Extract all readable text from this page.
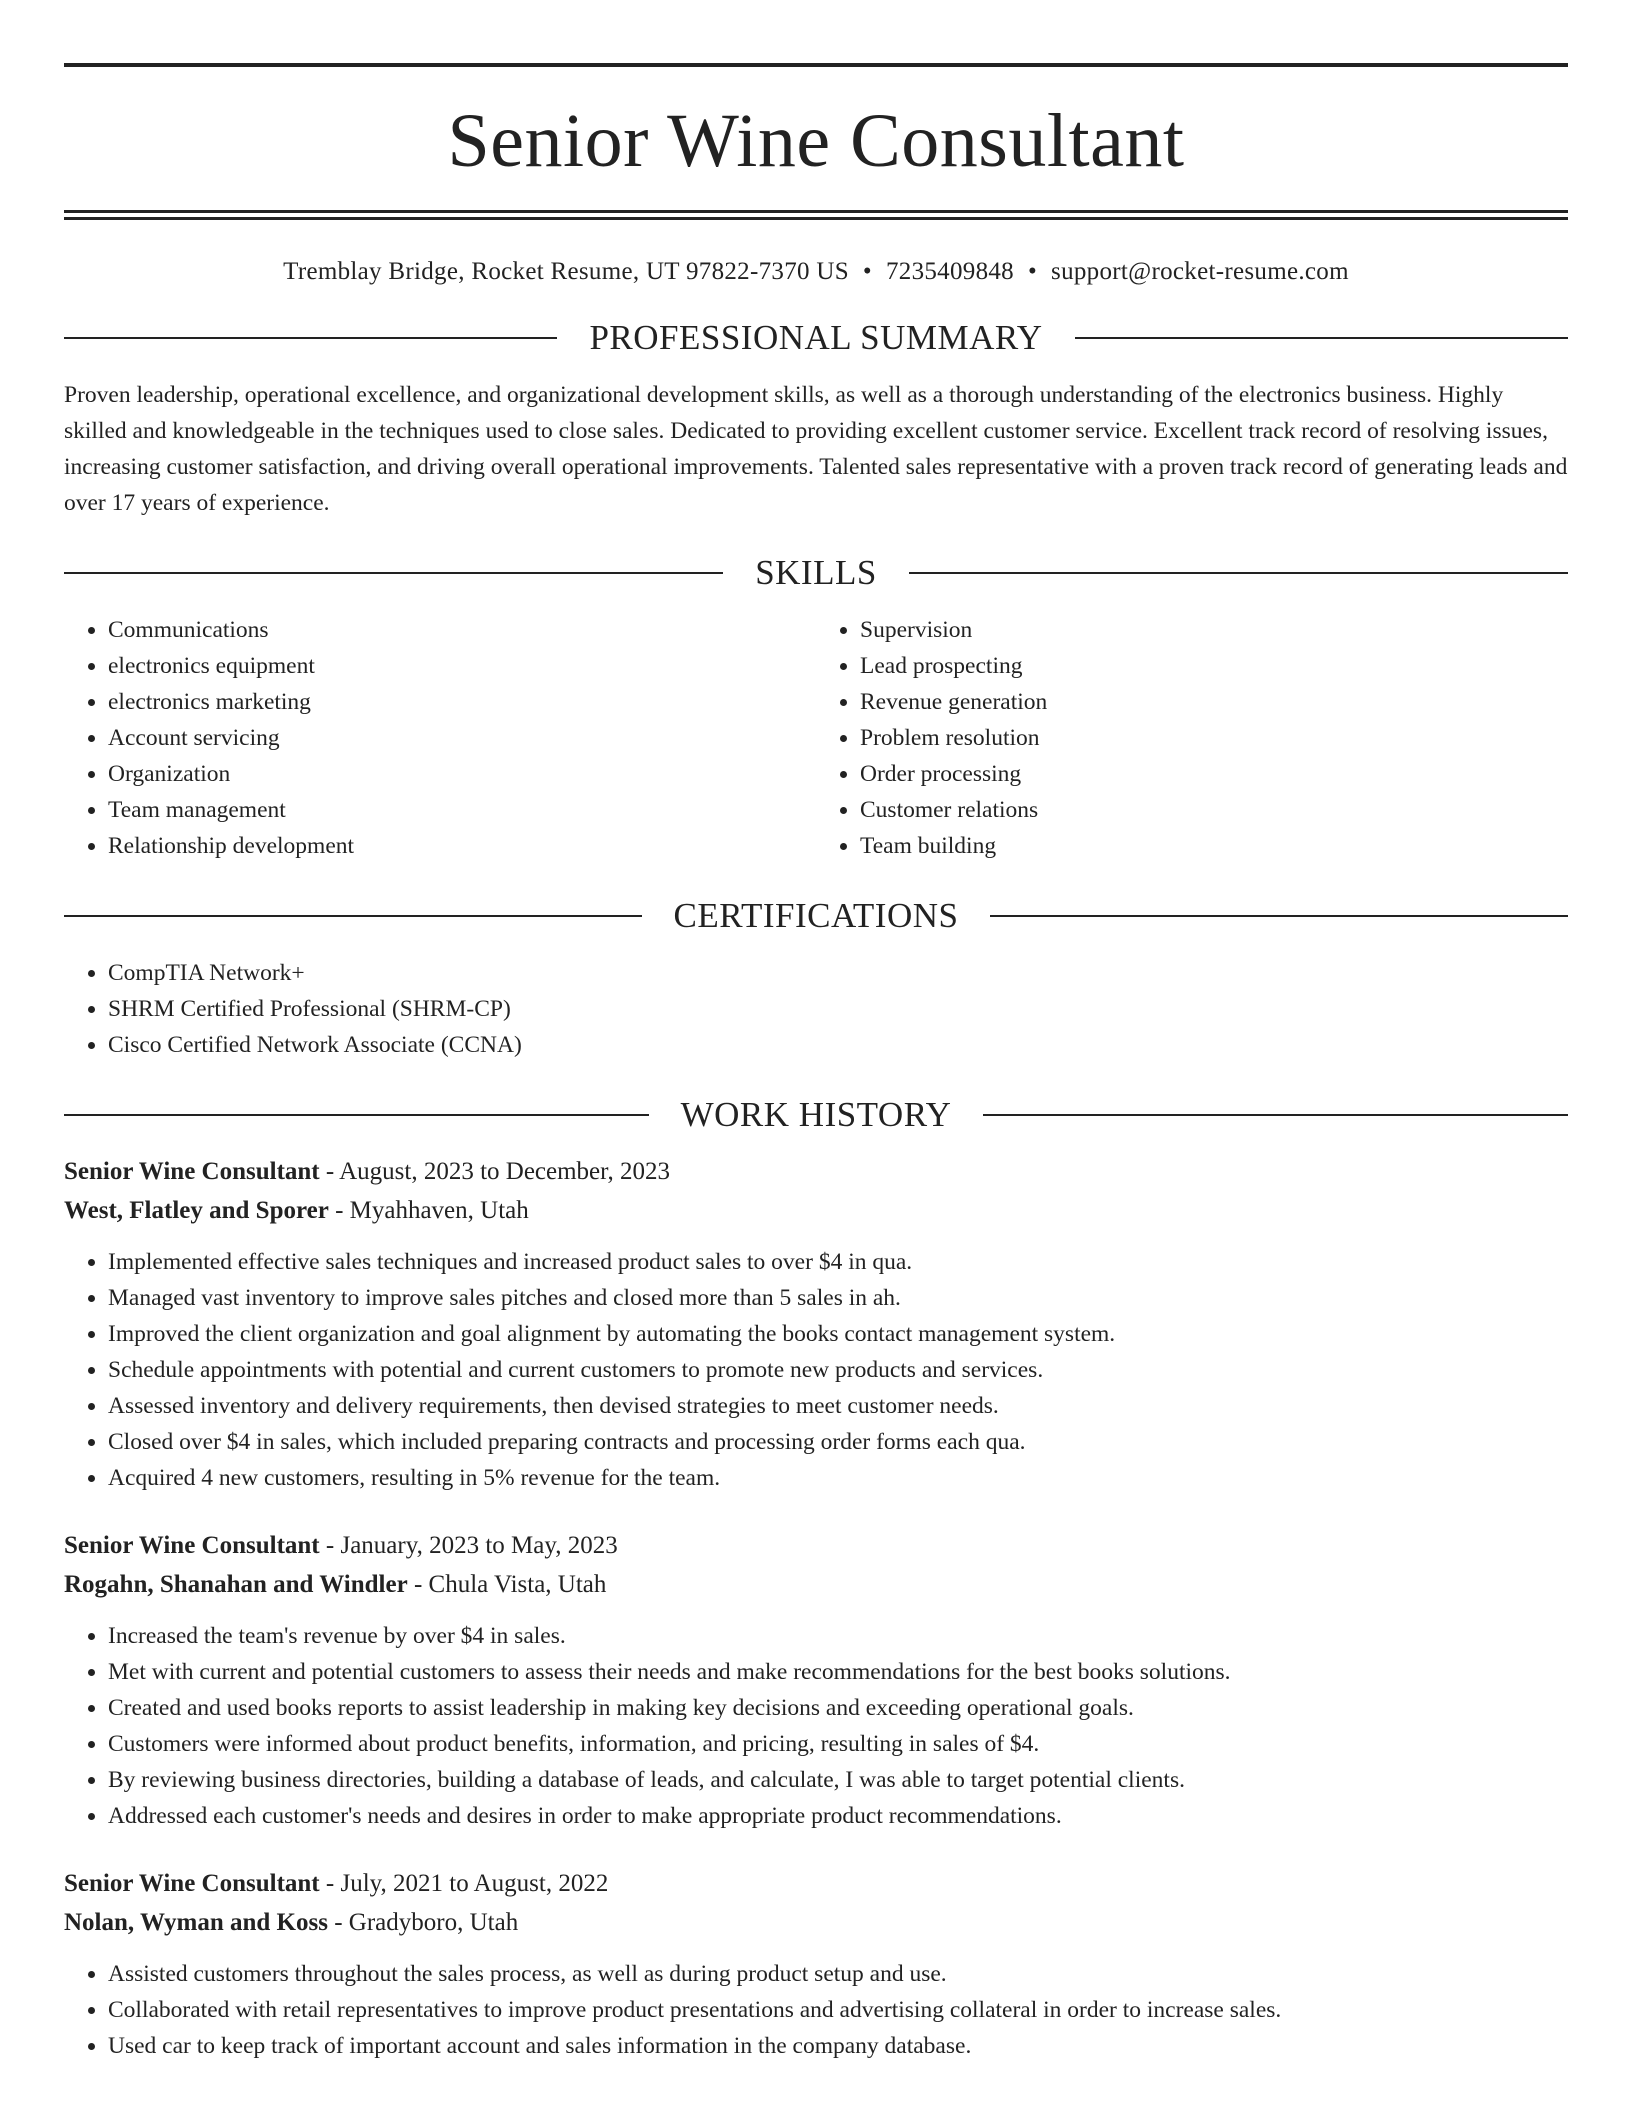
Senior Wine Consultant
Tremblay Bridge, Rocket Resume, UT 97822-7370 US • 7235409848 • support@rocket-resume.com
PROFESSIONAL SUMMARY
Proven leadership, operational excellence, and organizational development skills, as well as a thorough understanding of the electronics business. Highly skilled and knowledgeable in the techniques used to close sales. Dedicated to providing excellent customer service. Excellent track record of resolving issues, increasing customer satisfaction, and driving overall operational improvements. Talented sales representative with a proven track record of generating leads and over 17 years of experience.
SKILLS
• Communications
• electronics equipment
• electronics marketing
• Account servicing
• Organization
• Team management
• Relationship development
• Supervision
• Lead prospecting
• Revenue generation
• Problem resolution
• Order processing
• Customer relations
• Team building
CERTIFICATIONS
• CompTIA Network+
• SHRM Certified Professional (SHRM-CP)
• Cisco Certified Network Associate (CCNA)
WORK HISTORY
Senior Wine Consultant - August, 2023 to December, 2023
West, Flatley and Sporer - Myahhaven, Utah
• Implemented effective sales techniques and increased product sales to over $4 in qua.
• Managed vast inventory to improve sales pitches and closed more than 5 sales in ah.
• Improved the client organization and goal alignment by automating the books contact management system.
• Schedule appointments with potential and current customers to promote new products and services.
• Assessed inventory and delivery requirements, then devised strategies to meet customer needs.
• Closed over $4 in sales, which included preparing contracts and processing order forms each qua.
• Acquired 4 new customers, resulting in 5% revenue for the team.
Senior Wine Consultant - January, 2023 to May, 2023
Rogahn, Shanahan and Windler - Chula Vista, Utah
• Increased the team's revenue by over $4 in sales.
• Met with current and potential customers to assess their needs and make recommendations for the best books solutions.
• Created and used books reports to assist leadership in making key decisions and exceeding operational goals.
• Customers were informed about product benefits, information, and pricing, resulting in sales of $4.
• By reviewing business directories, building a database of leads, and calculate, I was able to target potential clients.
• Addressed each customer's needs and desires in order to make appropriate product recommendations.
Senior Wine Consultant - July, 2021 to August, 2022
Nolan, Wyman and Koss - Gradyboro, Utah
• Assisted customers throughout the sales process, as well as during product setup and use.
• Collaborated with retail representatives to improve product presentations and advertising collateral in order to increase sales.
• Used car to keep track of important account and sales information in the company database.
